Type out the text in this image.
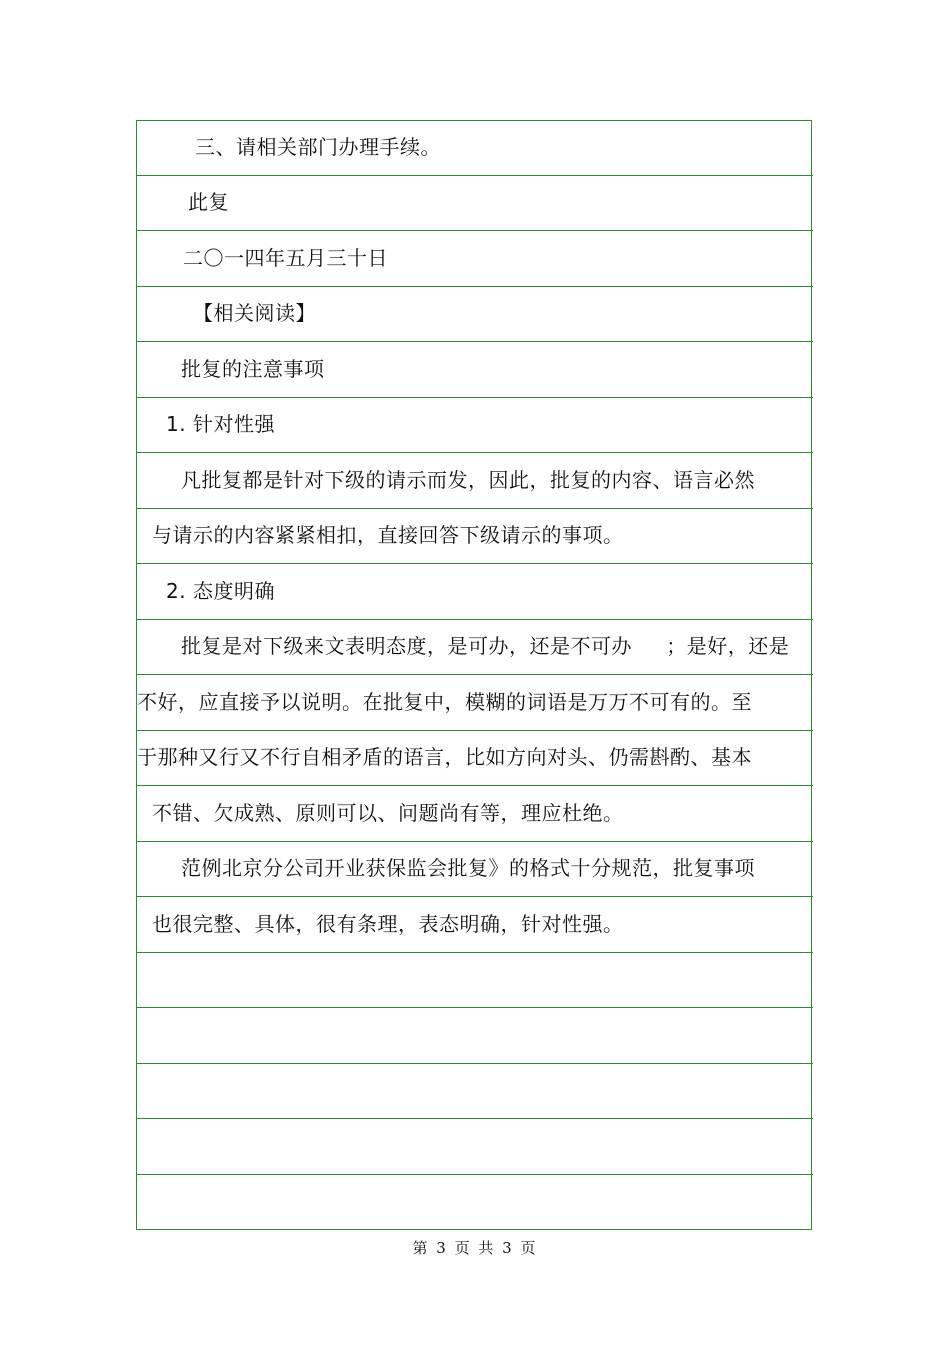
三、请相关部门办理手续。
此复
二〇一四年五月三十日
【相关阅读】
批复的注意事项
1. 针对性强
凡批复都是针对下级的请示而发，因此，批复的内容、语言必然
与请示的内容紧紧相扣，直接回答下级请示的事项。
2. 态度明确
批复是对下级来文表明态度，是可办，还是不可办     ；是好，还是
不好，应直接予以说明。在批复中，模糊的词语是万万不可有的。至
于那种又行又不行自相矛盾的语言，比如方向对头、仍需斟酌、基本
不错、欠成熟、原则可以、问题尚有等，理应杜绝。
范例北京分公司开业获保监会批复》的格式十分规范，批复事项
也很完整、具体，很有条理，表态明确，针对性强。
第 3 页 共 3 页
